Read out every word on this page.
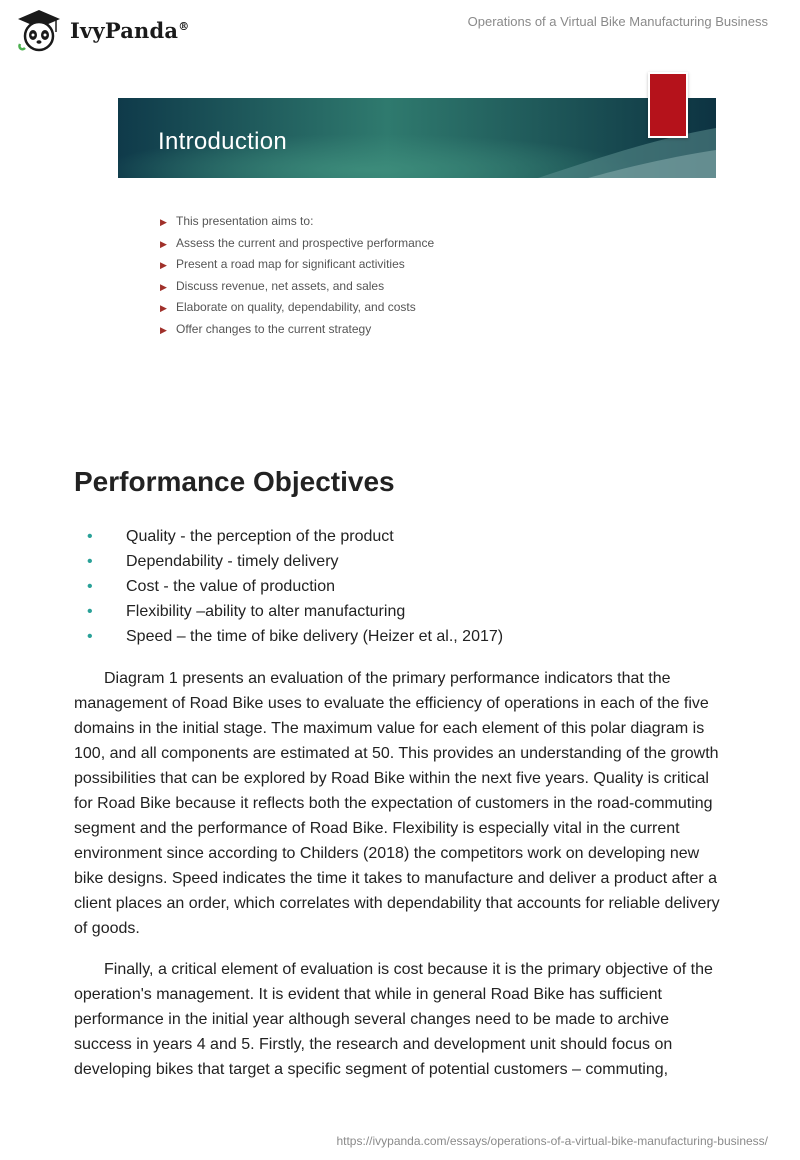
IvyPanda®	Operations of a Virtual Bike Manufacturing Business
Introduction
▶ This presentation aims to:
▶ Assess the current and prospective performance
▶ Present a road map for significant activities
▶ Discuss revenue, net assets, and sales
▶ Elaborate on quality, dependability, and costs
▶ Offer changes to the current strategy
Performance Objectives
• Quality - the perception of the product
• Dependability - timely delivery
• Cost - the value of production
• Flexibility –ability to alter manufacturing
• Speed – the time of bike delivery (Heizer et al., 2017)

Diagram 1 presents an evaluation of the primary performance indicators that the management of Road Bike uses to evaluate the efficiency of operations in each of the five domains in the initial stage. The maximum value for each element of this polar diagram is 100, and all components are estimated at 50. This provides an understanding of the growth possibilities that can be explored by Road Bike within the next five years. Quality is critical for Road Bike because it reflects both the expectation of customers in the road-commuting segment and the performance of Road Bike. Flexibility is especially vital in the current environment since according to Childers (2018) the competitors work on developing new bike designs. Speed indicates the time it takes to manufacture and deliver a product after a client places an order, which correlates with dependability that accounts for reliable delivery of goods.

Finally, a critical element of evaluation is cost because it is the primary objective of the operation's management. It is evident that while in general Road Bike has sufficient performance in the initial year although several changes need to be made to archive success in years 4 and 5. Firstly, the research and development unit should focus on developing bikes that target a specific segment of potential customers – commuting,

https://ivypanda.com/essays/operations-of-a-virtual-bike-manufacturing-business/
